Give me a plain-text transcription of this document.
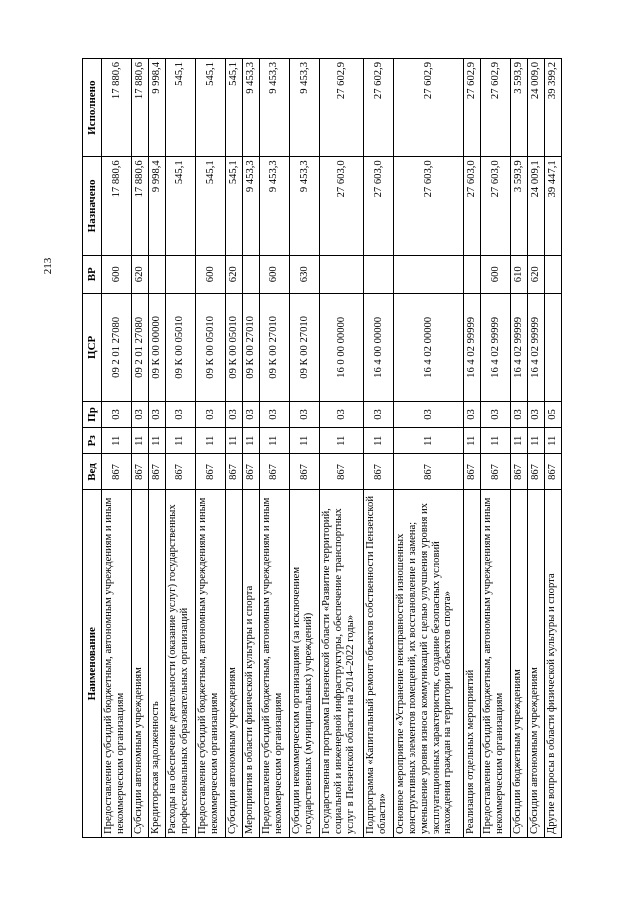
213
Наименование	Вед	Рз	Пр	ЦСР	ВР	Назначено	Исполнено
Предоставление субсидий бюджетным, автономным учреждениям и иным некоммерческим организациям	867	11	03	09 2 01 27080	600	17 880,6	17 880,6
Субсидии автономным учреждениям	867	11	03	09 2 01 27080	620	17 880,6	17 880,6
Кредиторская задолженность	867	11	03	09 К 00 00000		9 998,4	9 998,4
Расходы на обеспечение деятельности (оказание услуг) государственных профессиональных образовательных организаций	867	11	03	09 К 00 05010		545,1	545,1
Предоставление субсидий бюджетным, автономным учреждениям и иным некоммерческим организациям	867	11	03	09 К 00 05010	600	545,1	545,1
Субсидии автономным учреждениям	867	11	03	09 К 00 05010	620	545,1	545,1
Мероприятия в области физической культуры и спорта	867	11	03	09 К 00 27010		9 453,3	9 453,3
Предоставление субсидий бюджетным, автономным учреждениям и иным некоммерческим организациям	867	11	03	09 К 00 27010	600	9 453,3	9 453,3
Субсидии некоммерческим организациям (за исключением государственных (муниципальных) учреждений)	867	11	03	09 К 00 27010	630	9 453,3	9 453,3
Государственная программа Пензенской области «Развитие территорий, социальной и инженерной инфраструктуры, обеспечение транспортных услуг в Пензенской области на 2014–2022 годы»	867	11	03	16 0 00 00000		27 603,0	27 602,9
Подпрограмма «Капитальный ремонт объектов собственности Пензенской области»	867	11	03	16 4 00 00000		27 603,0	27 602,9
Основное мероприятие «Устранение неисправностей изношенных конструктивных элементов помещений, их восстановление и замена; уменьшение уровня износа коммуникаций с целью улучшения уровня их эксплуатационных характеристик, создание безопасных условий нахождения граждан на территории объектов спорта»	867	11	03	16 4 02 00000		27 603,0	27 602,9
Реализация отдельных мероприятий	867	11	03	16 4 02 99999		27 603,0	27 602,9
Предоставление субсидий бюджетным, автономным учреждениям и иным некоммерческим организациям	867	11	03	16 4 02 99999	600	27 603,0	27 602,9
Субсидии бюджетным учреждениям	867	11	03	16 4 02 99999	610	3 593,9	3 593,9
Субсидии автономным учреждениям	867	11	03	16 4 02 99999	620	24 009,1	24 009,0
Другие вопросы в области физической культуры и спорта	867	11	05			39 447,1	39 399,2
